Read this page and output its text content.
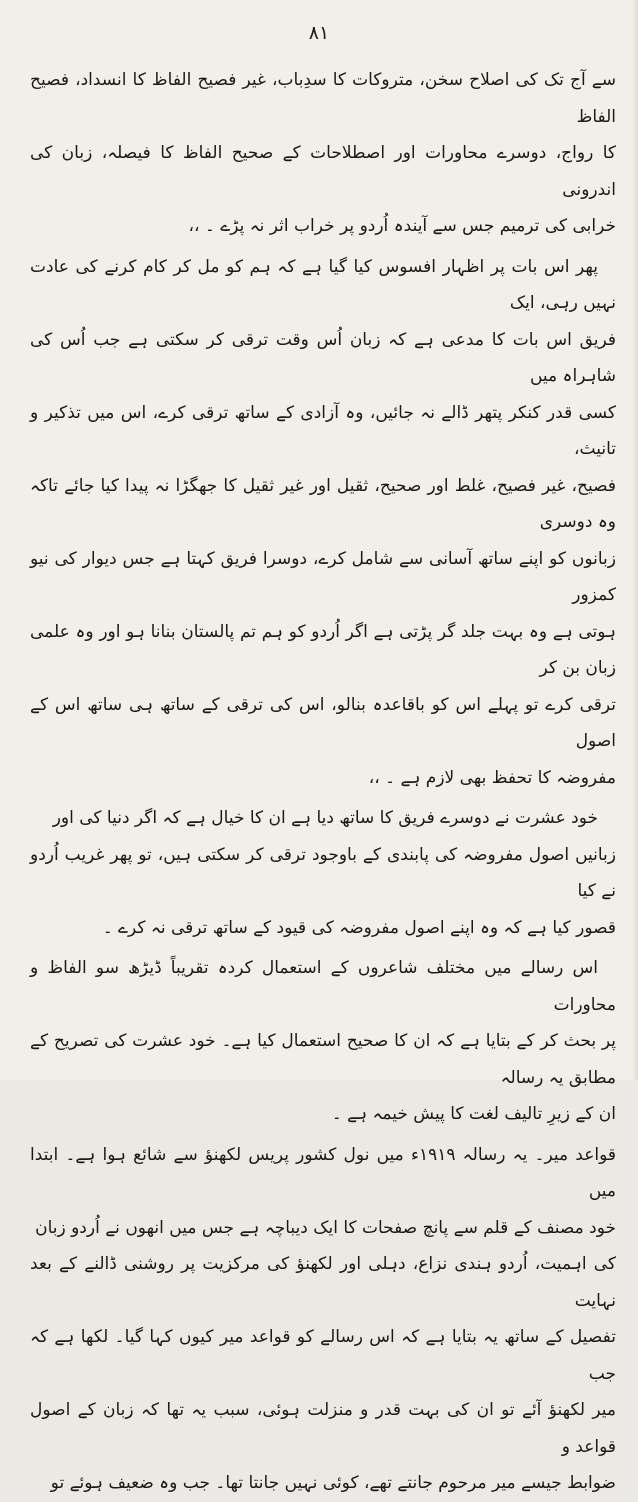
۸۱

سے آج تک کی اصلاح سخن، متروکات کا سدِباب، غیر فصیح الفاظ کا انسداد، فصیح الفاظ
کا رواج، دوسرے محاورات اور اصطلاحات کے صحیح الفاظ کا فیصلہ، زبان کی اندرونی
خرابی کی ترمیم جس سے آیندہ اُردو پر خراب اثر نہ پڑے ۔ ،،

پھر اس بات پر اظہار افسوس کیا گیا ہے کہ ہم کو مل کر کام کرنے کی عادت نہیں رہی، ایک
فریق اس بات کا مدعی ہے کہ زبان اُس وقت ترقی کر سکتی ہے جب اُس کی شاہراہ میں
کسی قدر کنکر پتھر ڈالے نہ جائیں، وہ آزادی کے ساتھ ترقی کرے، اس میں تذکیر و تانیث،
فصیح، غیر فصیح، غلط اور صحیح، ثقیل اور غیر ثقیل کا جھگڑا نہ پیدا کیا جائے تاکہ وہ دوسری
زبانوں کو اپنے ساتھ آسانی سے شامل کرے، دوسرا فریق کہتا ہے جس دیوار کی نیو کمزور
ہوتی ہے وہ بہت جلد گر پڑتی ہے اگر اُردو کو ہم تم پالستان بنانا ہو اور وہ علمی زبان بن کر
ترقی کرے تو پہلے اس کو باقاعدہ بنالو، اس کی ترقی کے ساتھ ہی ساتھ اس کے اصول
مفروضہ کا تحفظ بھی لازم ہے ۔ ،،

خود عشرت نے دوسرے فریق کا ساتھ دیا ہے ان کا خیال ہے کہ اگر دنیا کی اور
زبانیں اصول مفروضہ کی پابندی کے باوجود ترقی کر سکتی ہیں، تو پھر غریب اُردو نے کیا
قصور کیا ہے کہ وہ اپنے اصول مفروضہ کی قیود کے ساتھ ترقی نہ کرے ۔

اس رسالے میں مختلف شاعروں کے استعمال کردہ تقریباً ڈیڑھ سو الفاظ و محاورات
پر بحث کر کے بتایا ہے کہ ان کا صحیح استعمال کیا ہے۔ خود عشرت کی تصریح کے مطابق یہ رسالہ
ان کے زیرِ تالیف لغت کا پیش خیمہ ہے ۔

قواعد میر۔ یہ رسالہ ۱۹۱۹ء میں نول کشور پریس لکھنؤ سے شائع ہوا ہے۔ ابتدا میں
خود مصنف کے قلم سے پانچ صفحات کا ایک دیباچہ ہے جس میں انھوں نے اُردو زبان
کی اہمیت، اُردو ہندی نزاع، دہلی اور لکھنؤ کی مرکزیت پر روشنی ڈالنے کے بعد نہایت
تفصیل کے ساتھ یہ بتایا ہے کہ اس رسالے کو قواعد میر کیوں کہا گیا۔ لکھا ہے کہ جب
میر لکھنؤ آئے تو ان کی بہت قدر و منزلت ہوئی، سبب یہ تھا کہ زبان کے اصول قواعد و
ضوابط جیسے میر مرحوم جانتے تھے، کوئی نہیں جانتا تھا۔ جب وہ ضعیف ہوئے تو
